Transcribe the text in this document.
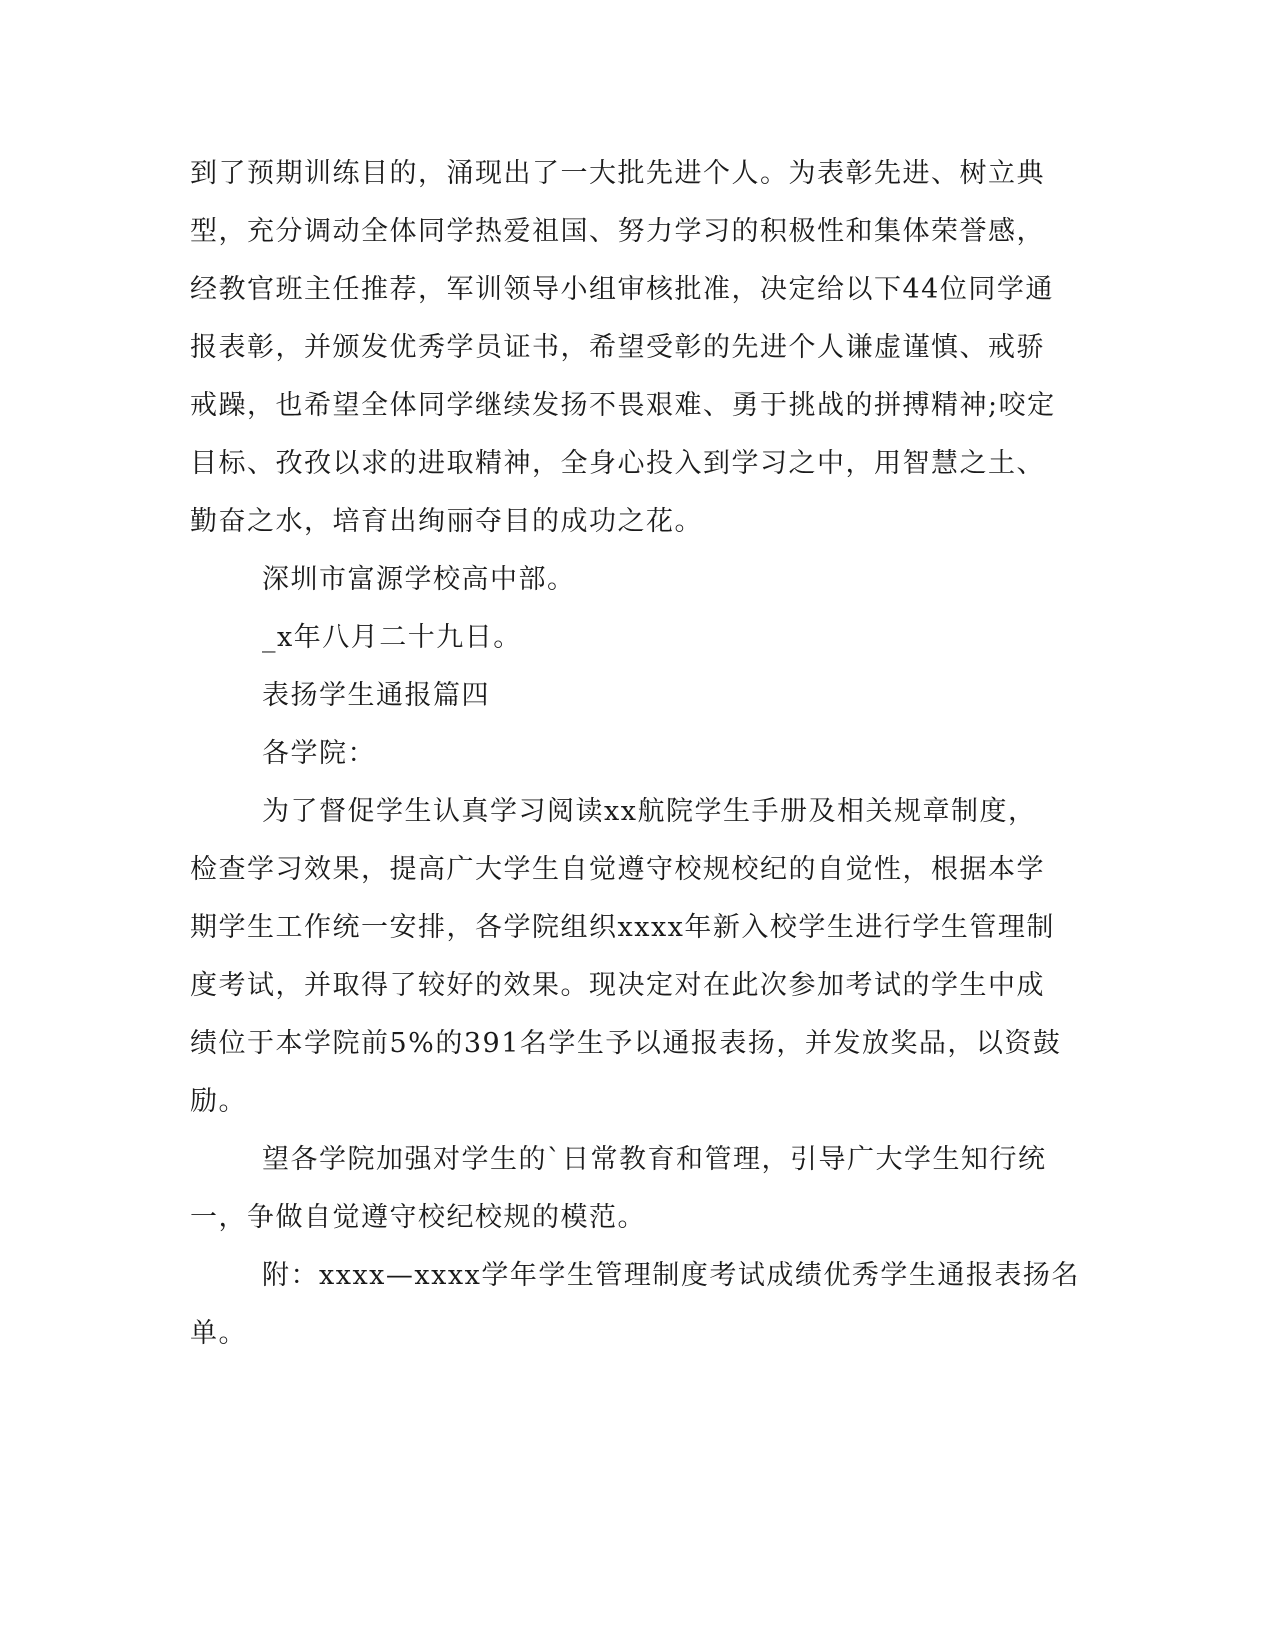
到了预期训练目的，涌现出了一大批先进个人。为表彰先进、树立典
型，充分调动全体同学热爱祖国、努力学习的积极性和集体荣誉感，
经教官班主任推荐，军训领导小组审核批准，决定给以下44位同学通
报表彰，并颁发优秀学员证书，希望受彰的先进个人谦虚谨慎、戒骄
戒躁，也希望全体同学继续发扬不畏艰难、勇于挑战的拼搏精神;咬定
目标、孜孜以求的进取精神，全身心投入到学习之中，用智慧之土、
勤奋之水，培育出绚丽夺目的成功之花。
深圳市富源学校高中部。
_x年八月二十九日。
表扬学生通报篇四
各学院：
为了督促学生认真学习阅读xx航院学生手册及相关规章制度，
检查学习效果，提高广大学生自觉遵守校规校纪的自觉性，根据本学
期学生工作统一安排，各学院组织xxxx年新入校学生进行学生管理制
度考试，并取得了较好的效果。现决定对在此次参加考试的学生中成
绩位于本学院前5%的391名学生予以通报表扬，并发放奖品，以资鼓
励。
望各学院加强对学生的`日常教育和管理，引导广大学生知行统
一，争做自觉遵守校纪校规的模范。
附：xxxx—xxxx学年学生管理制度考试成绩优秀学生通报表扬名
单。
